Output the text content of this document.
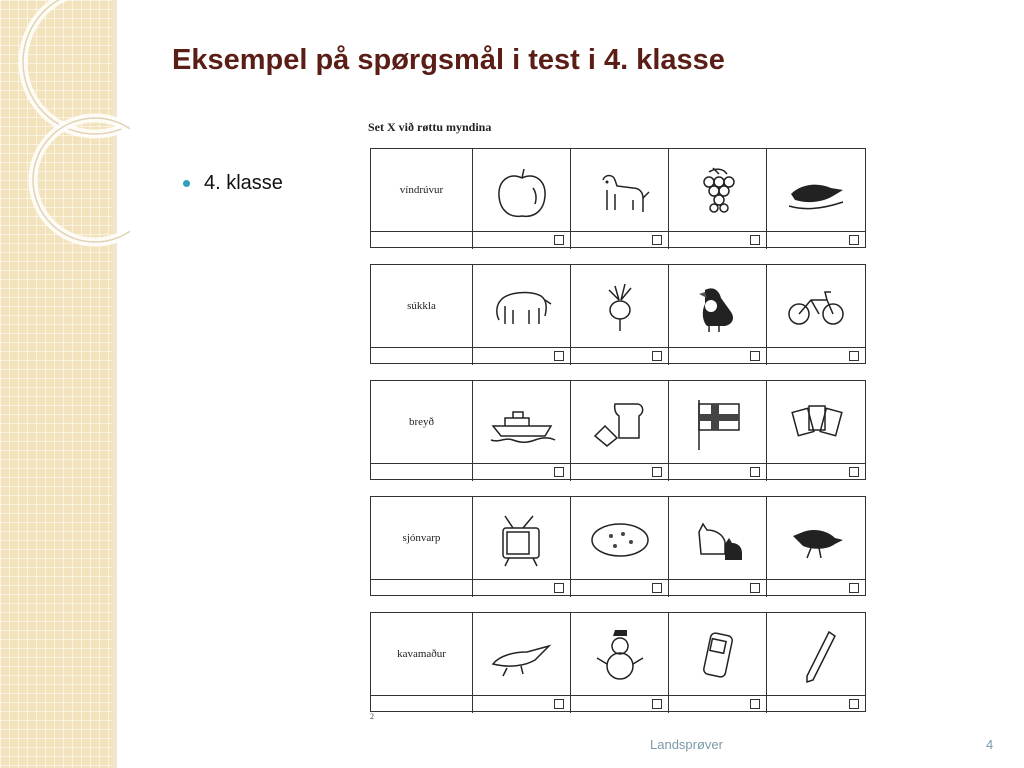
Eksempel på spørgsmål i test i 4. klasse
4. klasse
Set X við røttu myndina
2
víndrúvur
súkkla
breyð
sjónvarp
kavamaður
Landsprøver	4
